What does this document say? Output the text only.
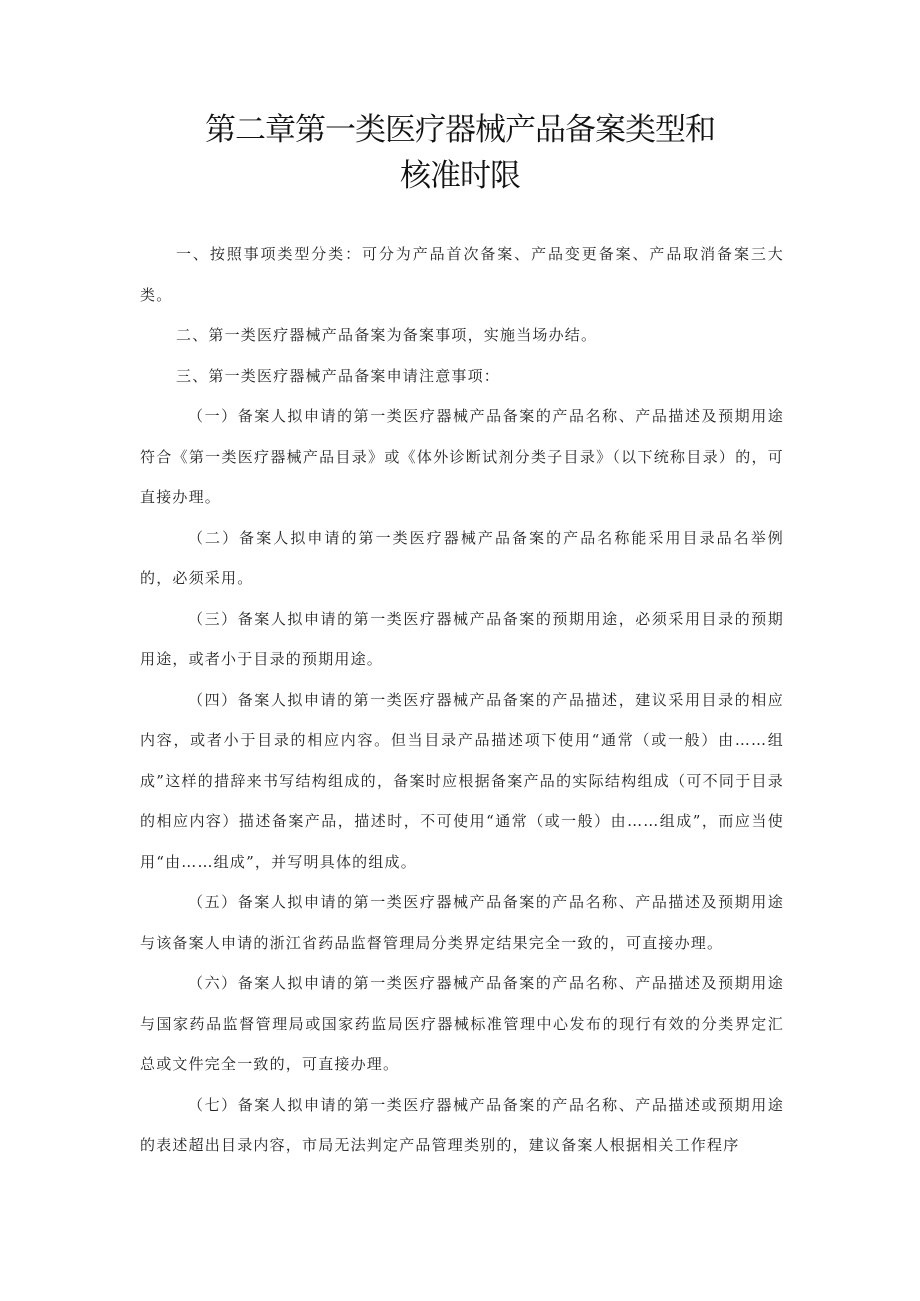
第二章第一类医疗器械产品备案类型和
核准时限

一、按照事项类型分类：可分为产品首次备案、产品变更备案、产品取消备案三大类。

二、第一类医疗器械产品备案为备案事项，实施当场办结。

三、第一类医疗器械产品备案申请注意事项：

（一）备案人拟申请的第一类医疗器械产品备案的产品名称、产品描述及预期用途符合《第一类医疗器械产品目录》或《体外诊断试剂分类子目录》（以下统称目录）的，可直接办理。

（二）备案人拟申请的第一类医疗器械产品备案的产品名称能采用目录品名举例的，必须采用。

（三）备案人拟申请的第一类医疗器械产品备案的预期用途，必须采用目录的预期用途，或者小于目录的预期用途。

（四）备案人拟申请的第一类医疗器械产品备案的产品描述，建议采用目录的相应内容，或者小于目录的相应内容。但当目录产品描述项下使用“通常（或一般）由……组成”这样的措辞来书写结构组成的，备案时应根据备案产品的实际结构组成（可不同于目录的相应内容）描述备案产品，描述时，不可使用“通常（或一般）由……组成”，而应当使用“由……组成”，并写明具体的组成。

（五）备案人拟申请的第一类医疗器械产品备案的产品名称、产品描述及预期用途与该备案人申请的浙江省药品监督管理局分类界定结果完全一致的，可直接办理。

（六）备案人拟申请的第一类医疗器械产品备案的产品名称、产品描述及预期用途与国家药品监督管理局或国家药监局医疗器械标准管理中心发布的现行有效的分类界定汇总或文件完全一致的，可直接办理。

（七）备案人拟申请的第一类医疗器械产品备案的产品名称、产品描述或预期用途的表述超出目录内容，市局无法判定产品管理类别的，建议备案人根据相关工作程序
